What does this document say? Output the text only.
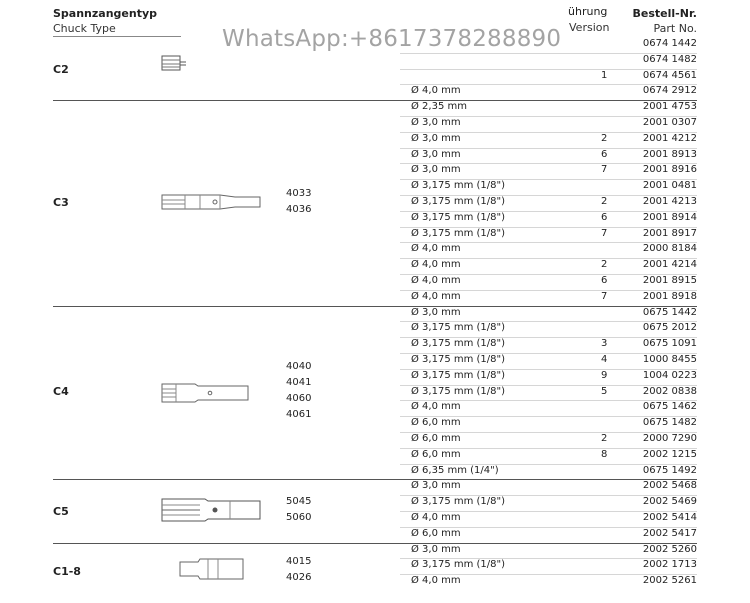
Spannzangentyp
Chuck Type
ührung
Version
Bestell-Nr.
Part No.
WhatsApp:+8617378288890
C2
0674 1442
0674 1482
1	0674 4561
Ø 4,0 mm	0674 2912
C3
4033
4036
Ø 2,35 mm	2001 4753
Ø 3,0 mm	2001 0307
Ø 3,0 mm	2	2001 4212
Ø 3,0 mm	6	2001 8913
Ø 3,0 mm	7	2001 8916
Ø 3,175 mm (1/8")	2001 0481
Ø 3,175 mm (1/8")	2	2001 4213
Ø 3,175 mm (1/8")	6	2001 8914
Ø 3,175 mm (1/8")	7	2001 8917
Ø 4,0 mm	2000 8184
Ø 4,0 mm	2	2001 4214
Ø 4,0 mm	6	2001 8915
Ø 4,0 mm	7	2001 8918
C4
4040
4041
4060
4061
Ø 3,0 mm	0675 1442
Ø 3,175 mm (1/8")	0675 2012
Ø 3,175 mm (1/8")	3	0675 1091
Ø 3,175 mm (1/8")	4	1000 8455
Ø 3,175 mm (1/8")	9	1004 0223
Ø 3,175 mm (1/8")	5	2002 0838
Ø 4,0 mm	0675 1462
Ø 6,0 mm	0675 1482
Ø 6,0 mm	2	2000 7290
Ø 6,0 mm	8	2002 1215
Ø 6,35 mm (1/4")	0675 1492
C5
5045
5060
Ø 3,0 mm	2002 5468
Ø 3,175 mm (1/8")	2002 5469
Ø 4,0 mm	2002 5414
Ø 6,0 mm	2002 5417
C1-8
4015
4026
Ø 3,0 mm	2002 5260
Ø 3,175 mm (1/8")	2002 1713
Ø 4,0 mm	2002 5261
